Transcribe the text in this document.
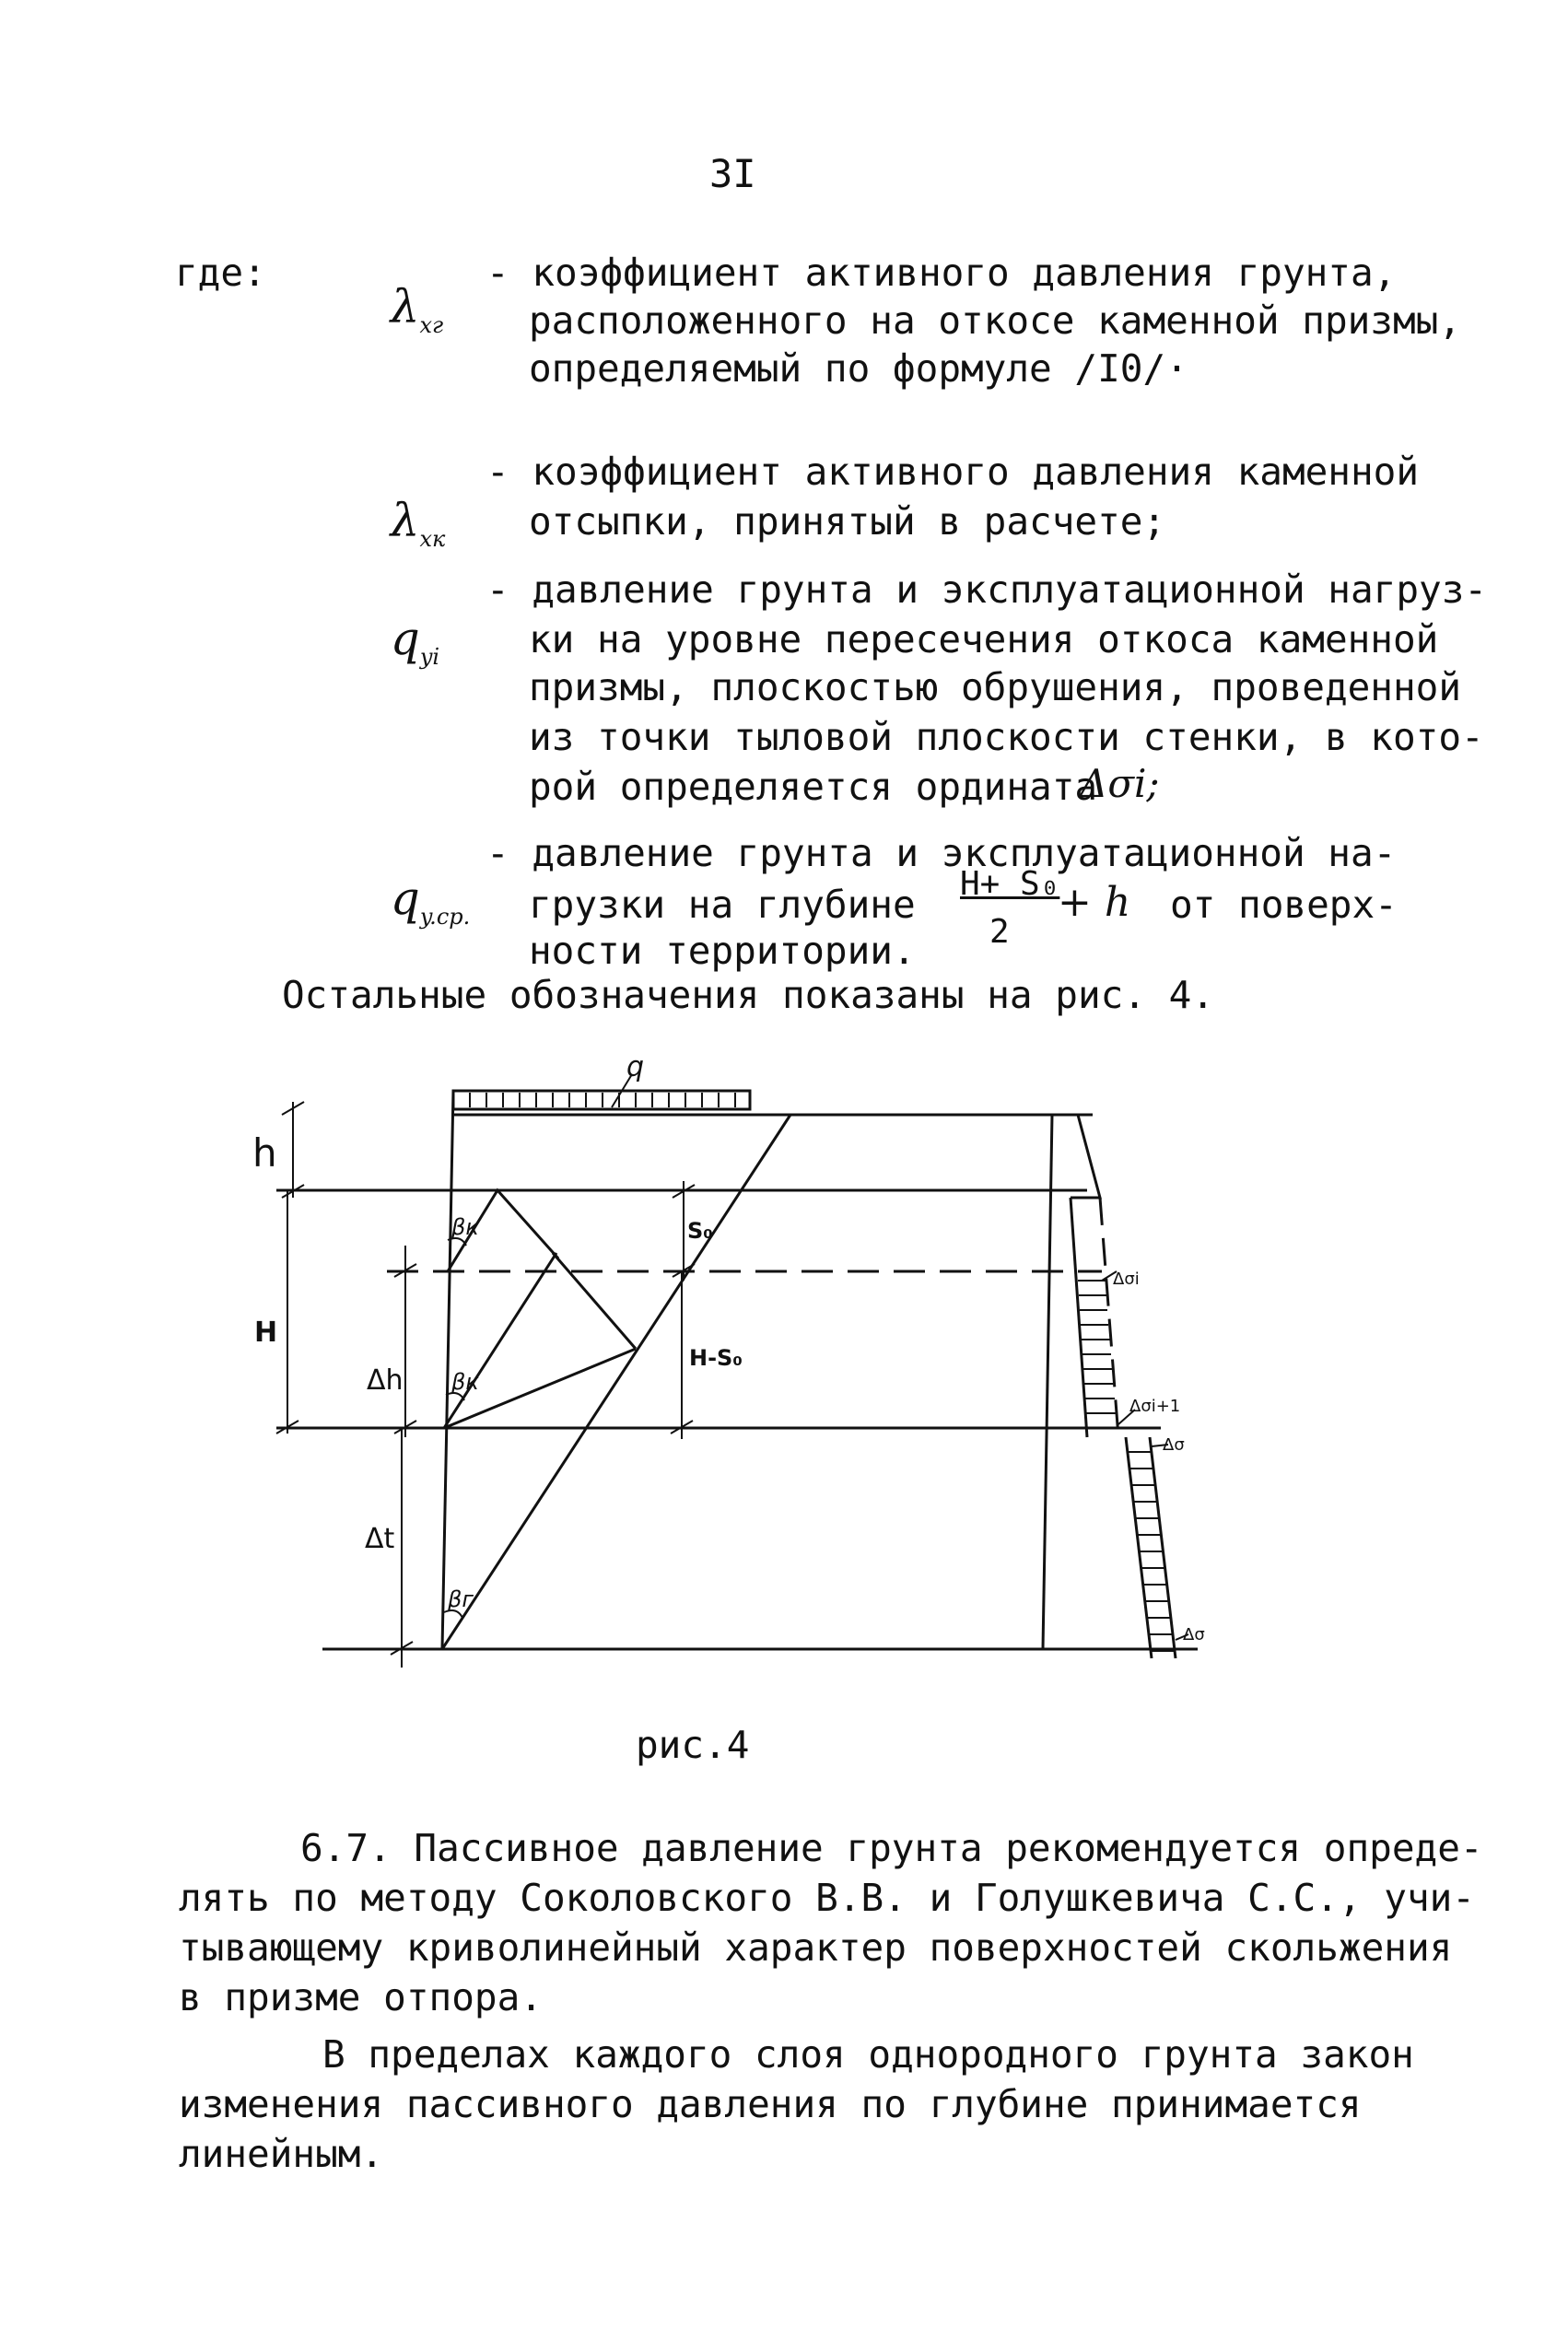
3I
где:

$\lambda_{xг}$

- коэффициент активного давления грунта,
расположенного на откосе каменной призмы,
определяемый по формуле /I0/·

$\lambda_{xк}$

- коэффициент активного давления каменной
отсыпки, принятый в расчете;

$q_{yi}$

- давление грунта и эксплуатационной нагруз-
ки на уровне пересечения откоса каменной
призмы, плоскостью обрушения, проведенной
из точки тыловой плоскости стенки, в кото-
рой определяется ордината
Δσi;

$q_{y.cp.}$

- давление грунта и эксплуатационной на-
грузки на глубине H+ S₀
2
+ h от поверх-
ности территории.
Остальные обозначения показаны на рис. 4.
q
h
H
Δh
Δt
S₀
H-S₀
βк
βк
βг
Δσi
Δσi+1
Δσ
Δσ
рис.4
6.7. Пассивное давление грунта рекомендуется опреде-
лять по методу Соколовского В.В. и Голушкевича С.С., учи-
тывающему криволинейный характер поверхностей скольжения
в призме отпора.
В пределах каждого слоя однородного грунта закон
изменения пассивного давления по глубине принимается
линейным.
